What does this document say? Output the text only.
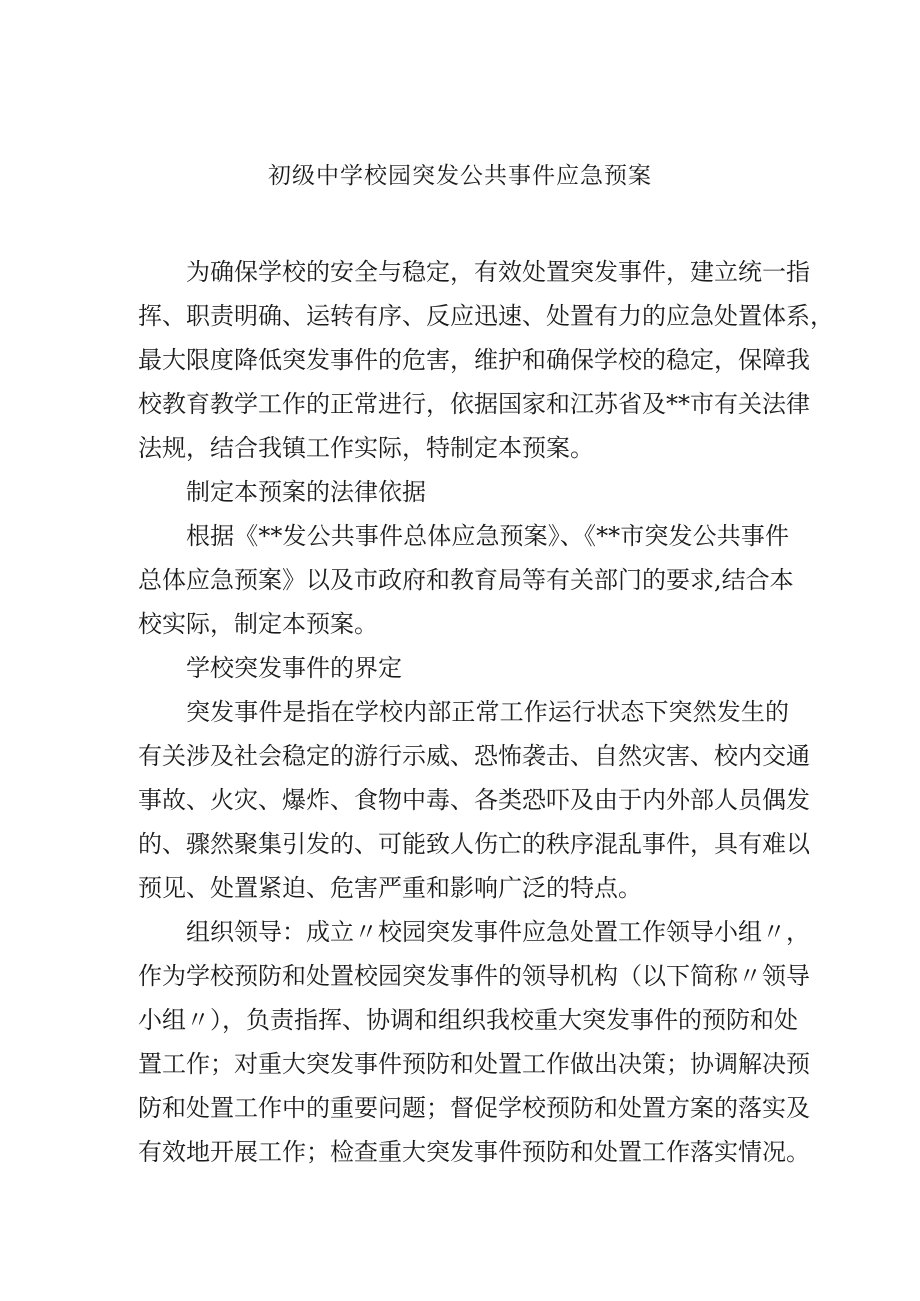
初级中学校园突发公共事件应急预案

为确保学校的安全与稳定，有效处置突发事件，建立统一指

挥、职责明确、运转有序、反应迅速、处置有力的应急处置体系，

最大限度降低突发事件的危害，维护和确保学校的稳定，保障我

校教育教学工作的正常进行，依据国家和江苏省及**市有关法律

法规，结合我镇工作实际，特制定本预案。

制定本预案的法律依据

根据《**发公共事件总体应急预案》、《**市突发公共事件

总体应急预案》以及市政府和教育局等有关部门的要求,结合本

校实际，制定本预案。

学校突发事件的界定

突发事件是指在学校内部正常工作运行状态下突然发生的

有关涉及社会稳定的游行示威、恐怖袭击、自然灾害、校内交通

事故、火灾、爆炸、食物中毒、各类恐吓及由于内外部人员偶发

的、骤然聚集引发的、可能致人伤亡的秩序混乱事件，具有难以

预见、处置紧迫、危害严重和影响广泛的特点。

组织领导：成立〃校园突发事件应急处置工作领导小组〃，

作为学校预防和处置校园突发事件的领导机构（以下简称〃领导

小组〃），负责指挥、协调和组织我校重大突发事件的预防和处

置工作；对重大突发事件预防和处置工作做出决策；协调解决预

防和处置工作中的重要问题；督促学校预防和处置方案的落实及

有效地开展工作；检查重大突发事件预防和处置工作落实情况。
